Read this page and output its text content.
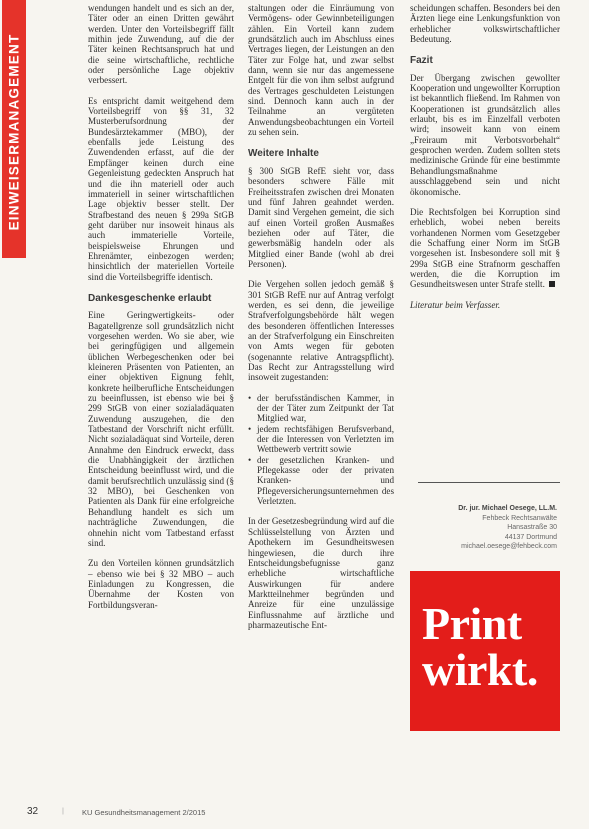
EINWEISERMANAGEMENT

wendungen handelt und es sich an der, Täter oder an einen Dritten gewährt werden. Unter den Vorteilsbegriff fällt mithin jede Zuwendung, auf die der Täter keinen Rechtsanspruch hat und die seine wirtschaftliche, rechtliche oder persönliche Lage objektiv verbessert.

Es entspricht damit weitgehend dem Vorteilsbegriff von §§ 31, 32 Musterberufsordnung der Bundesärztekammer (MBO), der ebenfalls jede Leistung des Zuwendenden erfasst, auf die der Empfänger keinen durch eine Gegenleistung gedeckten Anspruch hat und die ihn materiell oder auch immateriell in seiner wirtschaftlichen Lage objektiv besser stellt. Der Strafbestand des neuen § 299a StGB geht darüber nur insoweit hinaus als auch immaterielle Vorteile, beispielsweise Ehrungen und Ehrenämter, einbezogen werden; hinsichtlich der materiellen Vorteile sind die Vorteilsbegriffe identisch.

Dankesgeschenke erlaubt

Eine Geringwertigkeits- oder Bagatellgrenze soll grundsätzlich nicht vorgesehen werden. Wo sie aber, wie bei geringfügigen und allgemein üblichen Werbegeschenken oder bei kleineren Präsenten von Patienten, an einer objektiven Eignung fehlt, konkrete heilberufliche Entscheidungen zu beeinflussen, ist ebenso wie bei § 299 StGB von einer sozialadäquaten Zuwendung auszugehen, die den Tatbestand der Vorschrift nicht erfüllt. Nicht sozialadäquat sind Vorteile, deren Annahme den Eindruck erweckt, dass die Unabhängigkeit der ärztlichen Entscheidung beeinflusst wird, und die damit berufsrechtlich unzulässig sind (§ 32 MBO), bei Geschenken von Patienten als Dank für eine erfolgreiche Behandlung handelt es sich um nachträgliche Zuwendungen, die ohnehin nicht vom Tatbestand erfasst sind.

Zu den Vorteilen können grundsätzlich – ebenso wie bei § 32 MBO – auch Einladungen zu Kongressen, die Übernahme der Kosten von Fortbildungsveran-

staltungen oder die Einräumung von Vermögens- oder Gewinnbeteiligungen zählen. Ein Vorteil kann zudem grundsätzlich auch im Abschluss eines Vertrages liegen, der Leistungen an den Täter zur Folge hat, und zwar selbst dann, wenn sie nur das angemessene Entgelt für die von ihm selbst aufgrund des Vertrages geschuldeten Leistungen sind. Dennoch kann auch in der Teilnahme an vergüteten Anwendungsbeobachtungen ein Vorteil zu sehen sein.

Weitere Inhalte

§ 300 StGB RefE sieht vor, dass besonders schwere Fälle mit Freiheitsstrafen zwischen drei Monaten und fünf Jahren geahndet werden. Damit sind Vergehen gemeint, die sich auf einen Vorteil großen Ausmaßes beziehen oder auf Täter, die gewerbsmäßig handeln oder als Mitglied einer Bande (wohl ab drei Personen).

Die Vergehen sollen jedoch gemäß § 301 StGB RefE nur auf Antrag verfolgt werden, es sei denn, die jeweilige Strafverfolgungsbehörde hält wegen des besonderen öffentlichen Interesses an der Strafverfolgung ein Einschreiten von Amts wegen für geboten (sogenannte relative Antragspflicht). Das Recht zur Antragsstellung wird insoweit zugestanden:

• der berufsständischen Kammer, in der der Täter zum Zeitpunkt der Tat Mitglied war,
• jedem rechtsfähigen Berufsverband, der die Interessen von Verletzten im Wettbewerb vertritt sowie
• der gesetzlichen Kranken- und Pflegekasse oder der privaten Kranken- und Pflegeversicherungsunternehmen des Verletzten.

In der Gesetzesbegründung wird auf die Schlüsselstellung von Ärzten und Apothekern im Gesundheitswesen hingewiesen, die durch ihre Entscheidungsbefugnisse ganz erhebliche wirtschaftliche Auswirkungen für andere Marktteilnehmer begründen und Anreize für eine unzulässige Einflussnahme auf ärztliche und pharmazeutische Ent-

scheidungen schaffen. Besonders bei den Ärzten liege eine Lenkungsfunktion von erheblicher volkswirtschaftlicher Bedeutung.

Fazit

Der Übergang zwischen gewollter Kooperation und ungewollter Korruption ist bekanntlich fließend. Im Rahmen von Kooperationen ist grundsätzlich alles erlaubt, bis es im Einzelfall verboten wird; insoweit kann von einem „Freiraum mit Verbotsvorbehalt“ gesprochen werden. Zudem sollten stets medizinische Gründe für eine bestimmte Behandlungsmaßnahme ausschlaggebend sein und nicht ökonomische.

Die Rechtsfolgen bei Korruption sind erheblich, wobei neben bereits vorhandenen Normen vom Gesetzgeber die Schaffung einer Norm im StGB vorgesehen ist. Insbesondere soll mit § 299a StGB eine Strafnorm geschaffen werden, die die Korruption im Gesundheitswesen unter Strafe stellt.

Literatur beim Verfasser.

Dr. jur. Michael Oesege, LL.M.
Fehbeck Rechtsanwälte
Hansastraße 30
44137 Dortmund
michael.oesege@fehbeck.com
Print
wirkt.
32	| KU Gesundheitsmanagement 2/2015
